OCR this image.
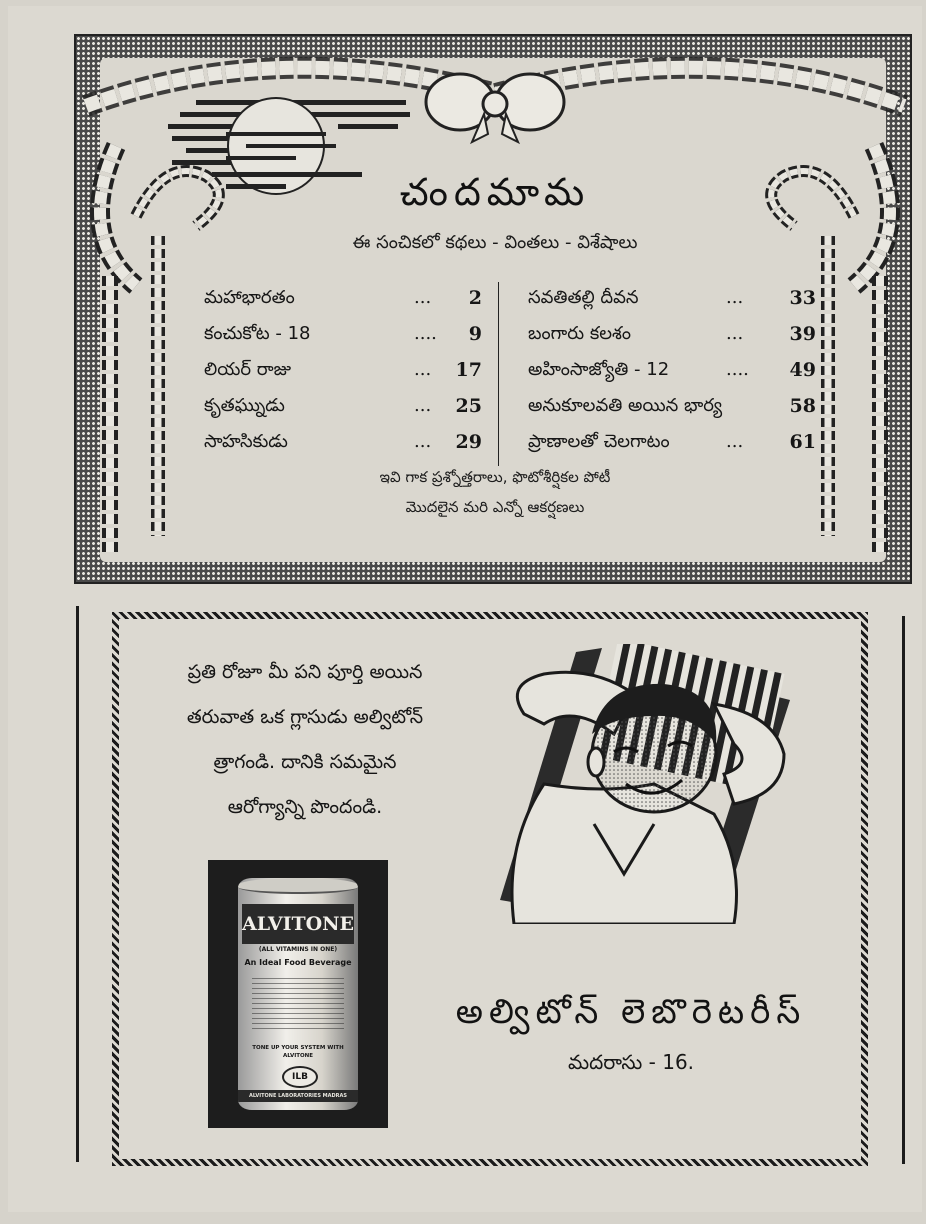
చందమామ
ఈ సంచికలో కథలు - వింతలు - విశేషాలు
మహాభారతం	... 2
కంచుకోట - 18	.... 9
లియర్ రాజు	... 17
కృతఘ్నుడు	... 25
సాహసికుడు	... 29
సవతితల్లి దీవన	... 33
బంగారు కలశం	... 39
అహింసాజ్యోతి - 12	.... 49
అనుకూలవతి అయిన భార్య	58
ప్రాణాలతో చెలగాటం	... 61
ఇవి గాక ప్రశ్నోత్తరాలు, ఫొటోశీర్షికల పోటీ
మొదలైన మరి ఎన్నో ఆకర్షణలు
ప్రతి రోజూ మీ పని పూర్తి అయిన
తరువాత ఒక గ్లాసుడు అల్విటోన్
త్రాగండి. దానికి సమమైన
ఆరోగ్యాన్ని పొందండి.
ALVITONE
(ALL VITAMINS IN ONE)
An Ideal Food Beverage
TONE UP YOUR SYSTEM WITH ALVITONE
ILB
ALVITONE LABORATORIES MADRAS
అల్విటోన్ లెబొరెటరీస్
మదరాసు - 16.
